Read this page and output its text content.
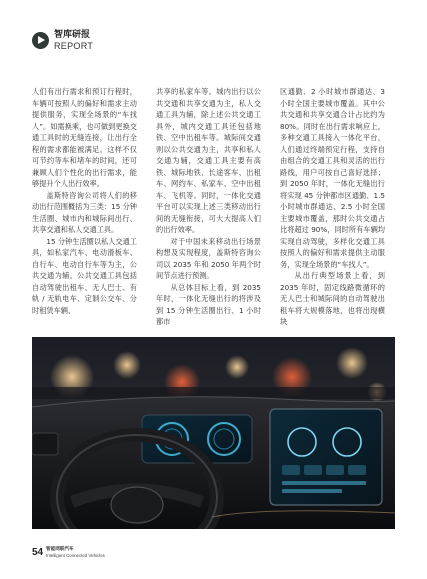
智库研报
REPORT

人们有出行需求和预订行程时，车辆可按照人的偏好和需求主动提供服务，实现全场景的“车找人”。如需换乘，也可做到更换交通工具时的无缝连接，让出行全程的需求都能被满足。这样不仅可节约等车和堵车的时间，还可兼顾人们个性化的出行需求，能够提升个人出行效率。

盖斯特咨询公司将人们的移动出行范围概括为三类：15 分钟生活圈、城市内和城际间出行、共享交通和私人交通工具。

15 分钟生活圈以私人交通工具，如私家汽车、电动滑板车、自行车、电动自行车等为主，公共交通为辅。公共交通工具包括自动驾驶出租车、无人巴士、有轨 / 无轨电车、定制公交车、分时租赁车辆、

共享的私家车等。城内出行以公共交通和共享交通为主，私人交通工具为辅，除上述公共交通工具外，城内交通工具还包括地铁、空中出租车等。城际间交通则以公共交通为主，共享和私人交通为辅，交通工具主要有高铁、城际地铁、长途客车、出租车、网约车、私家车、空中出租车、飞机等。同时，一体化交通平台可以实现上述三类移动出行间的无缝衔接，可大大提高人们的出行效率。

对于中国未来移动出行场景构想及实现程度，盖斯特咨询公司以 2035 年和 2050 年两个时间节点进行预测。

从总体目标上看，到 2035 年时，一体化无缝出行的将涉及到 15 分钟生活圈出行、1 小时都市

区通勤、2 小时城市群通达、3 小时全国主要城市覆盖。其中公共交通和共享交通合计占比约为 80%。同时在出行需求响应上，多种交通工具接入一体化平台，人们通过终端预定行程，支持自由组合的交通工具和灵活的出行路线，用户可按自己喜好选择；到 2050 年时，一体化无缝出行将实现 45 分钟都市区通勤、1.5 小时城市群通达、2.5 小时全国主要城市覆盖，那时公共交通占比将超过 90%，同时所有车辆均实现自动驾驶，多样化交通工具按照人的偏好和需求提供主动服务，实现全场景的“车找人”。

从出行典型场景上看，到 2035 年时，固定线路微循环的无人巴士和城际间的自动驾驶出租车将大规模落地，也将出现横块

54 智能网联汽车
Intelligent Connected Vehicles
